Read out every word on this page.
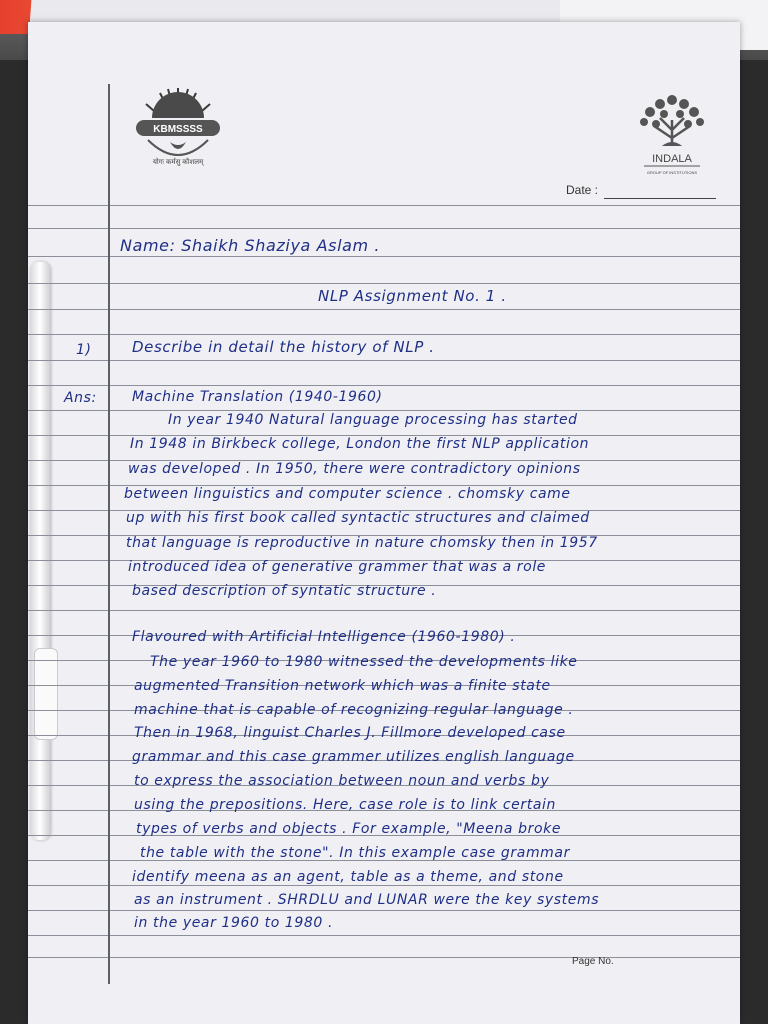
KBMSSSS
योगः कर्मसु कौशलम्	INDALA
GROUP OF INSTITUTIONS
Date :
Name: Shaikh Shaziya Aslam .
NLP Assignment No. 1 .
1)	Describe in detail the history of NLP .
Ans:	Machine Translation (1940-1960)
In year 1940 Natural language processing has started
In 1948 in Birkbeck college, London the first NLP application
was developed . In 1950, there were contradictory opinions
between linguistics and computer science . chomsky came
up with his first book called syntactic structures and claimed
that language is reproductive in nature chomsky then in 1957
introduced idea of generative grammer that was a role
based description of syntatic structure .
Flavoured with Artificial Intelligence (1960-1980) .
The year 1960 to 1980 witnessed the developments like
augmented Transition network which was a finite state
machine that is capable of recognizing regular language .
Then in 1968, linguist Charles J. Fillmore developed case
grammar and this case grammer utilizes english language
to express the association between noun and verbs by
using the prepositions. Here, case role is to link certain
types of verbs and objects . For example, "Meena broke
the table with the stone". In this example case grammar
identify meena as an agent, table as a theme, and stone
as an instrument . SHRDLU and LUNAR were the key systems
in the year 1960 to 1980 .
Page No.
